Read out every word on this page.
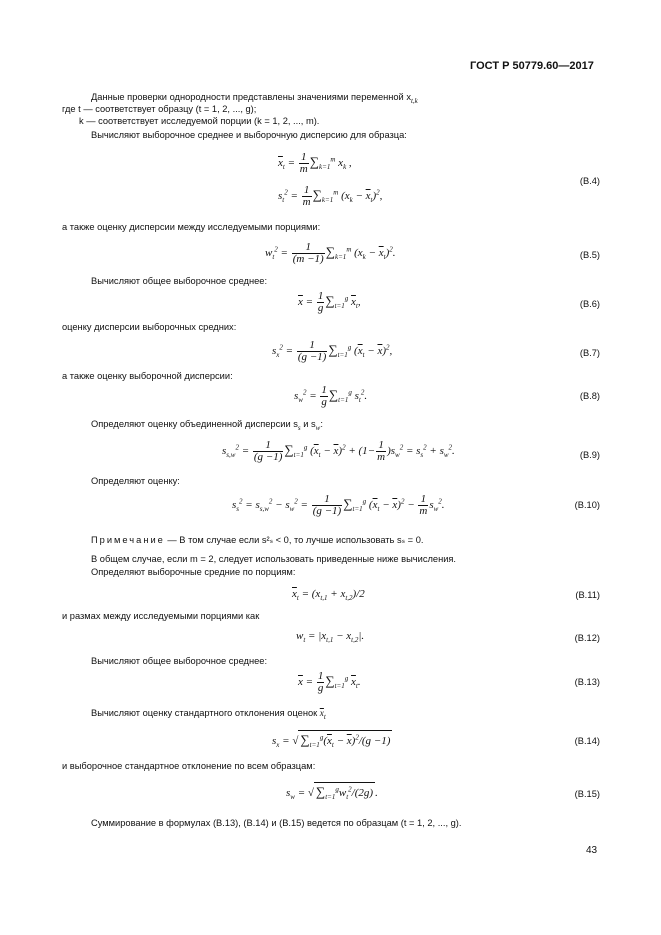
ГОСТ Р 50779.60—2017
Данные проверки однородности представлены значениями переменной $x_{t,k}$
где t — соответствует образцу (t = 1, 2, ..., g);
k — соответствует исследуемой порции (k = 1, 2, ..., m).
Вычисляют выборочное среднее и выборочную дисперсию для образца:
$\overline{x}_t = \frac{1}{m} \sum_{k=1}^m$ $x_k$ ,
$s_t^2 = \frac{1}{m} \sum_{k=1}^m$ $(x_k - \overline{x}_t)^2$,
(В.4)
а также оценку дисперсии между исследуемыми порциями:
$w_t^2 = \frac{1}{(m -1)} \sum_{k=1}^m$ $(x_k - \overline{x}_t)^2$.	(В.5)
Вычисляют общее выборочное среднее:
$\overline{x} = \frac{1}{g} \sum_{t=1}^g$ $\overline{x}_t$,	(В.6)
оценку дисперсии выборочных средних:
$s_x^2 = \frac{1}{(g -1)} \sum_{t=1}^g$ $(\overline{x}_t - \overline{x})^2$,	(В.7)
а также оценку выборочной дисперсии:
$s_w^2 = \frac{1}{g} \sum_{t=1}^g$ $s_t^2$.	(В.8)
Определяют оценку объединенной дисперсии $s_s$ и $s_w$:
$s_{s,w}^2 = \frac{1}{(g -1)} \sum_{t=1}^g$ $(\overline{x}_t - \overline{x})^2 + (1- \frac{1}{m} )s_w^2 = s_s^2 + s_w^2$.	(В.9)
Определяют оценку:
$s_s^2 = s_{s,w}^2 - s_w^2 = \frac{1}{(g -1)} \sum_{t=1}^g$ $(\overline{x}_t - \overline{x})^2 - \frac{1}{m} s_w^2$.	(В.10)
Примечание — В том случае если s²ₛ < 0, то лучше использовать sₛ = 0.
В общем случае, если m = 2, следует использовать приведенные ниже вычисления.
Определяют выборочные средние по порциям:
$\overline{x}_t = (x_{t,1} + x_{t,2})/2$	(В.11)
и размах между исследуемыми порциями как
$w_t = |x_{t,1} - x_{t,2}|$.	(В.12)
Вычисляют общее выборочное среднее:
$\overline{x} = \frac{1}{g} \sum_{t=1}^g$ $\overline{x}_t$.	(В.13)
Вычисляют оценку стандартного отклонения оценок $\overline{x}_t$
$s_x$ = √ $\sum_{t=1}^g(\overline{x}_t - \overline{x})^2/(g -1)$	(В.14)
и выборочное стандартное отклонение по всем образцам:
$s_w$ = √ $\sum_{t=1}^gw_t^2/(2g)$ .	(В.15)
Суммирование в формулах (В.13), (В.14) и (В.15) ведется по образцам (t = 1, 2, ..., g).
43
